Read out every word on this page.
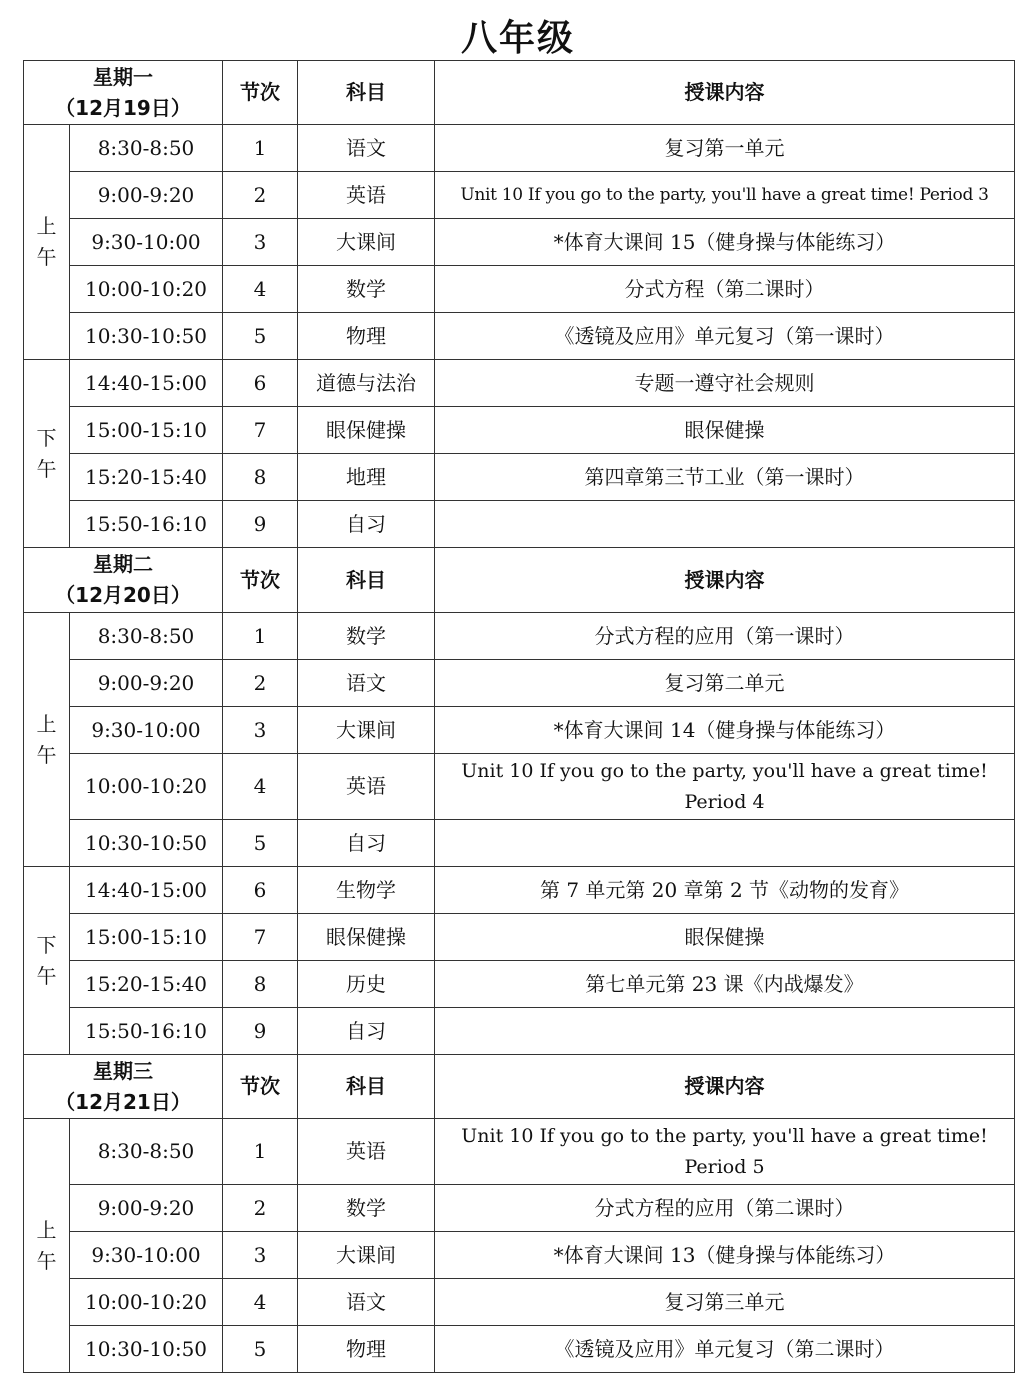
八年级
星期一
（12月19日）		节次	科目	授课内容

上午	8:30-8:50	1	语文	复习第一单元
	9:00-9:20	2	英语	Unit 10 If you go to the party, you'll have a great time! Period 3
	9:30-10:00	3	大课间	*体育大课间 15（健身操与体能练习）
	10:00-10:20	4	数学	分式方程（第二课时）
	10:30-10:50	5	物理	《透镜及应用》单元复习（第一课时）

下午	14:40-15:00	6	道德与法治	专题一遵守社会规则
	15:00-15:10	7	眼保健操	眼保健操
	15:20-15:40	8	地理	第四章第三节工业（第一课时）
	15:50-16:10	9	自习	

星期二
（12月20日）		节次	科目	授课内容

上午	8:30-8:50	1	数学	分式方程的应用（第一课时）
	9:00-9:20	2	语文	复习第二单元
	9:30-10:00	3	大课间	*体育大课间 14（健身操与体能练习）
	10:00-10:20	4	英语	Unit 10 If you go to the party, you'll have a great time! Period 4
	10:30-10:50	5	自习	

下午	14:40-15:00	6	生物学	第 7 单元第 20 章第 2 节《动物的发育》
	15:00-15:10	7	眼保健操	眼保健操
	15:20-15:40	8	历史	第七单元第 23 课《内战爆发》
	15:50-16:10	9	自习	

星期三
（12月21日）		节次	科目	授课内容

上午	8:30-8:50	1	英语	Unit 10 If you go to the party, you'll have a great time! Period 5
	9:00-9:20	2	数学	分式方程的应用（第二课时）
	9:30-10:00	3	大课间	*体育大课间 13（健身操与体能练习）
	10:00-10:20	4	语文	复习第三单元
	10:30-10:50	5	物理	《透镜及应用》单元复习（第二课时）
